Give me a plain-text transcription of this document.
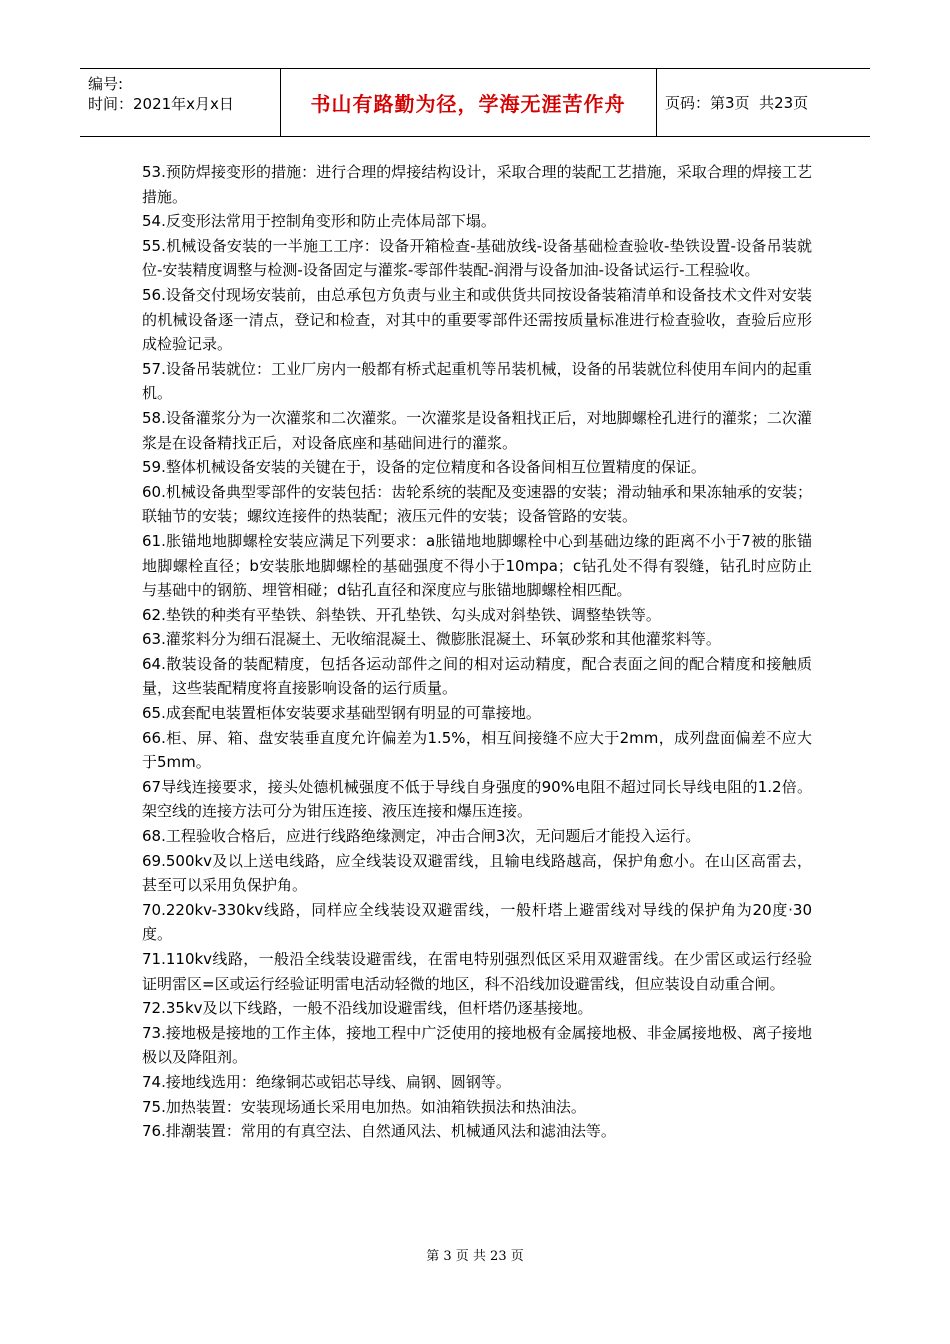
编号:
时间：2021年x月x日	书山有路勤为径，学海无涯苦作舟	页码：第3页  共23页

53.预防焊接变形的措施：进行合理的焊接结构设计，采取合理的装配工艺措施，采取合理的焊接工艺措施。

54.反变形法常用于控制角变形和防止壳体局部下塌。

55.机械设备安装的一半施工工序：设备开箱检查-基础放线-设备基础检查验收-垫铁设置-设备吊装就位-安装精度调整与检测-设备固定与灌浆-零部件装配-润滑与设备加油-设备试运行-工程验收。

56.设备交付现场安装前，由总承包方负责与业主和或供货共同按设备装箱清单和设备技术文件对安装的机械设备逐一清点，登记和检查，对其中的重要零部件还需按质量标准进行检查验收，查验后应形成检验记录。

57.设备吊装就位：工业厂房内一般都有桥式起重机等吊装机械，设备的吊装就位科使用车间内的起重机。

58.设备灌浆分为一次灌浆和二次灌浆。一次灌浆是设备粗找正后，对地脚螺栓孔进行的灌浆；二次灌浆是在设备精找正后，对设备底座和基础间进行的灌浆。

59.整体机械设备安装的关键在于，设备的定位精度和各设备间相互位置精度的保证。

60.机械设备典型零部件的安装包括：齿轮系统的装配及变速器的安装；滑动轴承和果冻轴承的安装；联轴节的安装；螺纹连接件的热装配；液压元件的安装；设备管路的安装。

61.胀锚地地脚螺栓安装应满足下列要求：a胀锚地地脚螺栓中心到基础边缘的距离不小于7被的胀锚地脚螺栓直径；b安装胀地脚螺栓的基础强度不得小于10mpa；c钻孔处不得有裂缝，钻孔时应防止与基础中的钢筋、埋管相碰；d钻孔直径和深度应与胀锚地脚螺栓相匹配。

62.垫铁的种类有平垫铁、斜垫铁、开孔垫铁、勾头成对斜垫铁、调整垫铁等。

63.灌浆料分为细石混凝土、无收缩混凝土、微膨胀混凝土、环氧砂浆和其他灌浆料等。

64.散装设备的装配精度，包括各运动部件之间的相对运动精度，配合表面之间的配合精度和接触质量，这些装配精度将直接影响设备的运行质量。

65.成套配电装置柜体安装要求基础型钢有明显的可靠接地。

66.柜、屏、箱、盘安装垂直度允许偏差为1.5%，相互间接缝不应大于2mm，成列盘面偏差不应大于5mm。

67导线连接要求，接头处德机械强度不低于导线自身强度的90%电阻不超过同长导线电阻的1.2倍。架空线的连接方法可分为钳压连接、液压连接和爆压连接。

68.工程验收合格后，应进行线路绝缘测定，冲击合闸3次，无问题后才能投入运行。

69.500kv及以上送电线路，应全线装设双避雷线，且输电线路越高，保护角愈小。在山区高雷去，甚至可以采用负保护角。

70.220kv-330kv线路，同样应全线装设双避雷线，一般杆塔上避雷线对导线的保护角为20度·30度。

71.110kv线路，一般沿全线装设避雷线，在雷电特别强烈低区采用双避雷线。在少雷区或运行经验证明雷区=区或运行经验证明雷电活动轻微的地区，科不沿线加设避雷线，但应装设自动重合闸。

72.35kv及以下线路，一般不沿线加设避雷线，但杆塔仍逐基接地。

73.接地极是接地的工作主体，接地工程中广泛使用的接地极有金属接地极、非金属接地极、离子接地极以及降阻剂。

74.接地线选用：绝缘铜芯或铝芯导线、扁钢、圆钢等。

75.加热装置：安装现场通长采用电加热。如油箱铁损法和热油法。

76.排潮装置：常用的有真空法、自然通风法、机械通风法和滤油法等。

第 3 页 共 23 页
